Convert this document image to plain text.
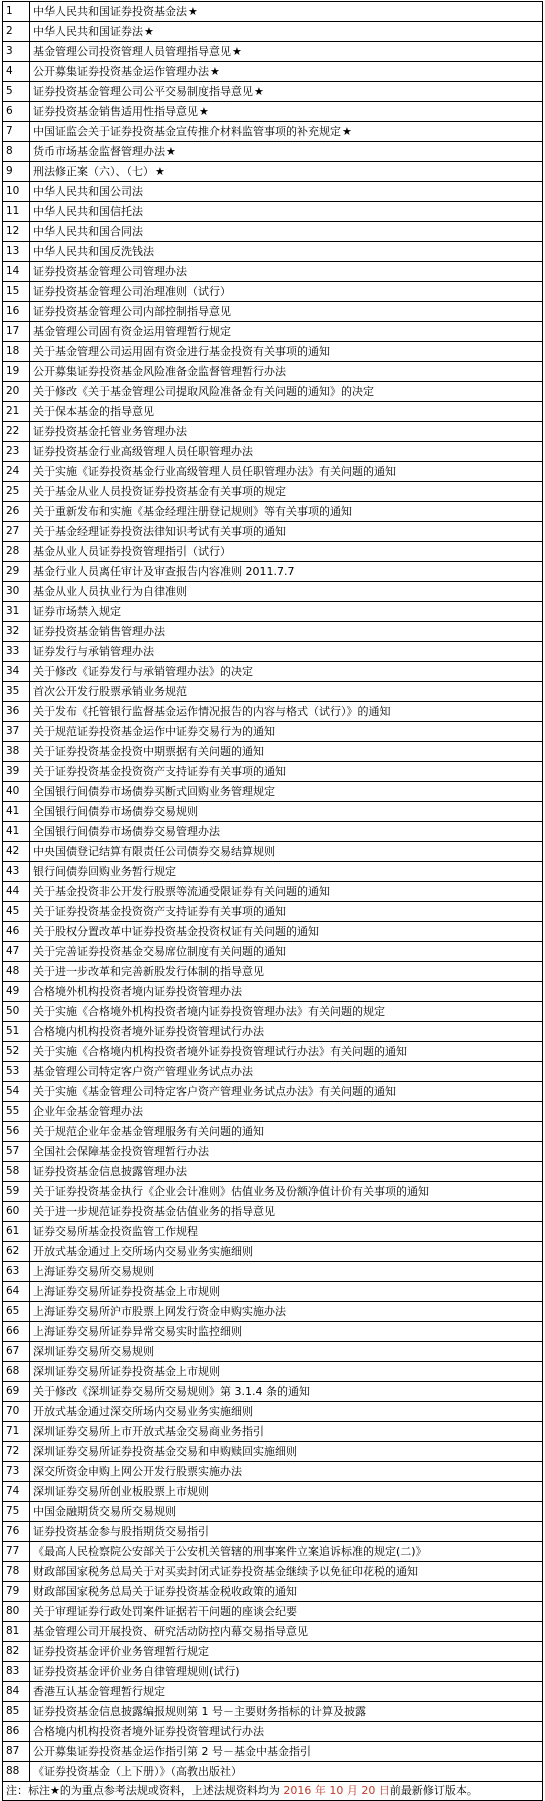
1	中华人民共和国证券投资基金法★
2	中华人民共和国证券法★
3	基金管理公司投资管理人员管理指导意见★
4	公开募集证券投资基金运作管理办法★
5	证券投资基金管理公司公平交易制度指导意见★
6	证券投资基金销售适用性指导意见★
7	中国证监会关于证券投资基金宣传推介材料监管事项的补充规定★
8	货币市场基金监督管理办法★
9	刑法修正案（六）、（七）★
10	中华人民共和国公司法
11	中华人民共和国信托法
12	中华人民共和国合同法
13	中华人民共和国反洗钱法
14	证券投资基金管理公司管理办法
15	证券投资基金管理公司治理准则（试行）
16	证券投资基金管理公司内部控制指导意见
17	基金管理公司固有资金运用管理暂行规定
18	关于基金管理公司运用固有资金进行基金投资有关事项的通知
19	公开募集证券投资基金风险准备金监督管理暂行办法
20	关于修改《关于基金管理公司提取风险准备金有关问题的通知》的决定
21	关于保本基金的指导意见
22	证券投资基金托管业务管理办法
23	证券投资基金行业高级管理人员任职管理办法
24	关于实施《证券投资基金行业高级管理人员任职管理办法》有关问题的通知
25	关于基金从业人员投资证券投资基金有关事项的规定
26	关于重新发布和实施《基金经理注册登记规则》等有关事项的通知
27	关于基金经理证券投资法律知识考试有关事项的通知
28	基金从业人员证券投资管理指引（试行）
29	基金行业人员离任审计及审查报告内容准则 2011.7.7
30	基金从业人员执业行为自律准则
31	证券市场禁入规定
32	证券投资基金销售管理办法
33	证券发行与承销管理办法
34	关于修改《证券发行与承销管理办法》的决定
35	首次公开发行股票承销业务规范
36	关于发布《托管银行监督基金运作情况报告的内容与格式（试行）》的通知
37	关于规范证券投资基金运作中证券交易行为的通知
38	关于证券投资基金投资中期票据有关问题的通知
39	关于证券投资基金投资资产支持证券有关事项的通知
40	全国银行间债券市场债券买断式回购业务管理规定
41	全国银行间债券市场债券交易规则
41	全国银行间债券市场债券交易管理办法
42	中央国债登记结算有限责任公司债券交易结算规则
43	银行间债券回购业务暂行规定
44	关于基金投资非公开发行股票等流通受限证券有关问题的通知
45	关于证券投资基金投资资产支持证券有关事项的通知
46	关于股权分置改革中证券投资基金投资权证有关问题的通知
47	关于完善证券投资基金交易席位制度有关问题的通知
48	关于进一步改革和完善新股发行体制的指导意见
49	合格境外机构投资者境内证券投资管理办法
50	关于实施《合格境外机构投资者境内证券投资管理办法》有关问题的规定
51	合格境内机构投资者境外证券投资管理试行办法
52	关于实施《合格境内机构投资者境外证券投资管理试行办法》有关问题的通知
53	基金管理公司特定客户资产管理业务试点办法
54	关于实施《基金管理公司特定客户资产管理业务试点办法》有关问题的通知
55	企业年金基金管理办法
56	关于规范企业年金基金管理服务有关问题的通知
57	全国社会保障基金投资管理暂行办法
58	证券投资基金信息披露管理办法
59	关于证券投资基金执行《企业会计准则》估值业务及份额净值计价有关事项的通知
60	关于进一步规范证券投资基金估值业务的指导意见
61	证券交易所基金投资监管工作规程
62	开放式基金通过上交所场内交易业务实施细则
63	上海证券交易所交易规则
64	上海证券交易所证券投资基金上市规则
65	上海证券交易所沪市股票上网发行资金申购实施办法
66	上海证券交易所证券异常交易实时监控细则
67	深圳证券交易所交易规则
68	深圳证券交易所证券投资基金上市规则
69	关于修改《深圳证券交易所交易规则》第 3.1.4 条的通知
70	开放式基金通过深交所场内交易业务实施细则
71	深圳证券交易所上市开放式基金交易商业务指引
72	深圳证券交易所证券投资基金交易和申购赎回实施细则
73	深交所资金申购上网公开发行股票实施办法
74	深圳证券交易所创业板股票上市规则
75	中国金融期货交易所交易规则
76	证券投资基金参与股指期货交易指引
77	《最高人民检察院公安部关于公安机关管辖的刑事案件立案追诉标准的规定(二)》
78	财政部国家税务总局关于对买卖封闭式证券投资基金继续予以免征印花税的通知
79	财政部国家税务总局关于证券投资基金税收政策的通知
80	关于审理证券行政处罚案件证据若干问题的座谈会纪要
81	基金管理公司开展投资、研究活动防控内幕交易指导意见
82	证券投资基金评价业务管理暂行规定
83	证券投资基金评价业务自律管理规则(试行)
84	香港互认基金管理暂行规定
85	证券投资基金信息披露编报规则第 1 号－主要财务指标的计算及披露
86	合格境内机构投资者境外证券投资管理试行办法
87	公开募集证券投资基金运作指引第 2 号－基金中基金指引
88	《证券投资基金（上下册）》（高教出版社）
注：标注★的为重点参考法规或资料，上述法规资料均为 2016 年 10 月 20 日前最新修订版本。
